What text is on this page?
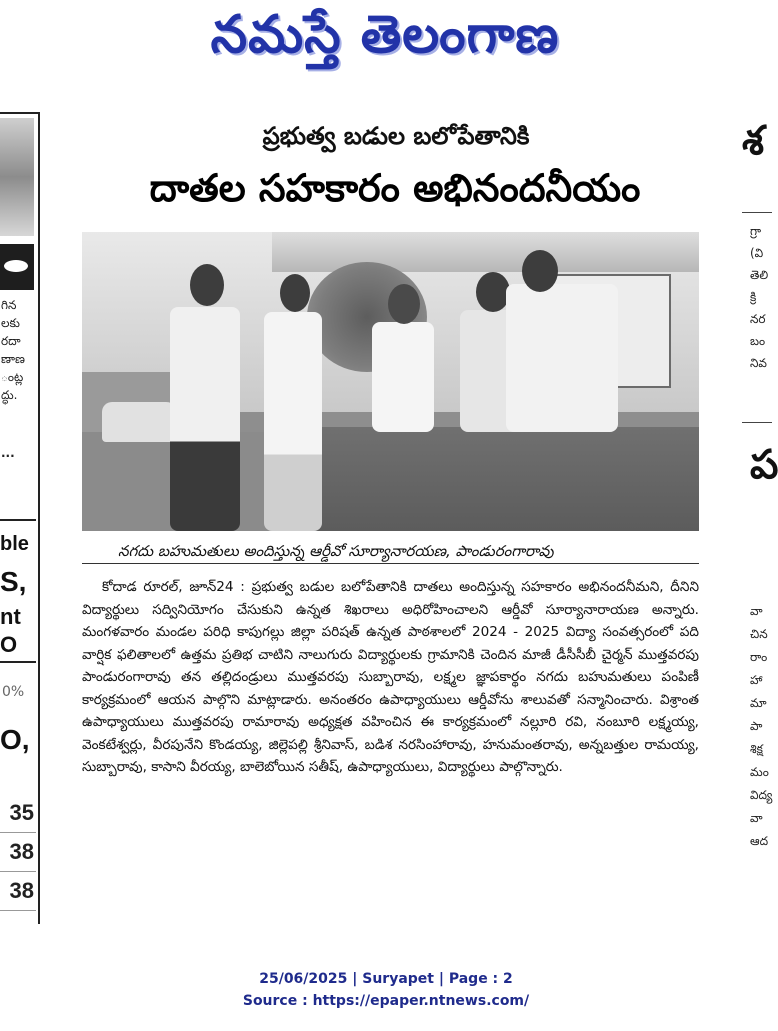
నమస్తే తెలంగాణ
గిన
లకు
రదా
ణాణ
ంట్ల
ద్ధు.
...
ble
S,
nt
O
0%
O,
35
38
38
శ
గ్రా
(వి
తెలి
క్రి
నర
బం
నివ
ప
వా
చిన
రాం
హా
మా
పా
శిక్ష
మం
విద్య
వా
ఆద
ప్రభుత్వ బడుల బలోపేతానికి
దాతల సహకారం అభినందనీయం
నగదు బహుమతులు అందిస్తున్న ఆర్డీవో సూర్యానారయణ, పాండురంగారావు

కోదాడ రూరల్, జూన్24 : ప్రభుత్వ బడుల బలోపేతానికి దాతలు అందిస్తున్న సహకారం అభినందనీమని, దీనిని విద్యార్థులు సద్వినియోగం చేసుకుని ఉన్నత శిఖరాలు అధిరోహించాలని ఆర్డీవో సూర్యానారాయణ అన్నారు. మంగళవారం మండల పరిధి కాపుగల్లు జిల్లా పరిషత్ ఉన్నత పాఠశాలలో 2024 - 2025 విద్యా సంవత్సరంలో పది వార్షిక ఫలితాలలో ఉత్తమ ప్రతిభ చాటిని నాలుగురు విద్యార్థులకు గ్రామానికి చెందిన మాజీ డీసీసీబీ చైర్మన్ ముత్తవరపు పాండురంగారావు తన తల్లిదండ్రులు ముత్తవరపు సుబ్బారావు, లక్ష్మల జ్ఞాపకార్థం నగదు బహుమతులు పంపిణీ కార్యక్రమంలో ఆయన పాల్గొని మాట్లాడారు. అనంతరం ఉపాధ్యాయులు ఆర్డీవోను శాలువతో సన్మానించారు. విశ్రాంత ఉపాధ్యాయులు ముత్తవరపు రామారావు అధ్యక్షత వహించిన ఈ కార్యక్రమంలో నల్లూరి రవి, నంబూరి లక్ష్మయ్య, వెంకటేశ్వర్లు, వీరపునేని కొండయ్య, జిల్లెపల్లి శ్రీనివాస్, బడిశ నరసింహారావు, హనుమంతరావు, అన్నబత్తుల రామయ్య, సుబ్బారావు, కాసాని వీరయ్య, బాలెబోయిన సతీష్, ఉపాధ్యాయులు, విద్యార్థులు పాల్గొన్నారు.

25/06/2025 | Suryapet | Page : 2
Source : https://epaper.ntnews.com/
